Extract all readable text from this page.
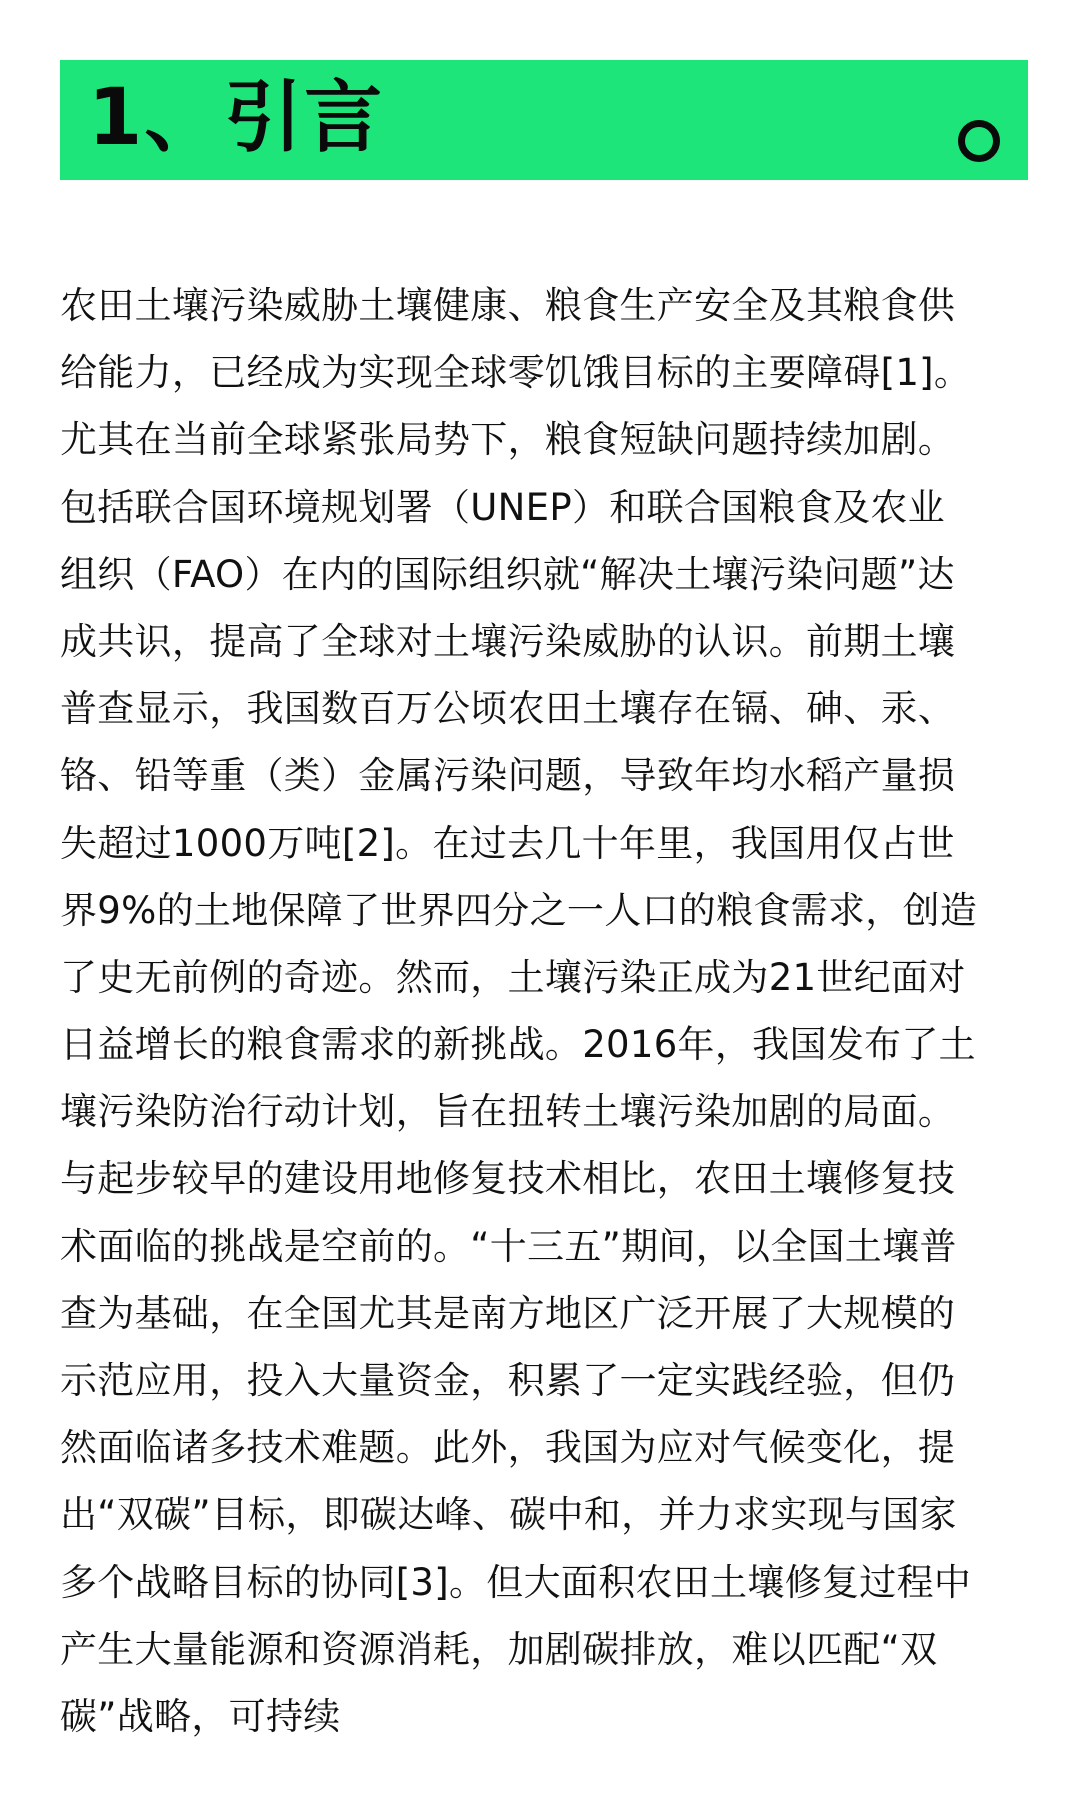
1、引言
农田土壤污染威胁土壤健康、粮食生产安全及其粮食供
给能力，已经成为实现全球零饥饿目标的主要障碍[1]。
尤其在当前全球紧张局势下，粮食短缺问题持续加剧。
包括联合国环境规划署（UNEP）和联合国粮食及农业
组织（FAO）在内的国际组织就“解决土壤污染问题”达
成共识，提高了全球对土壤污染威胁的认识。前期土壤
普查显示，我国数百万公顷农田土壤存在镉、砷、汞、
铬、铅等重（类）金属污染问题，导致年均水稻产量损
失超过1000万吨[2]。在过去几十年里，我国用仅占世
界9%的土地保障了世界四分之一人口的粮食需求，创造
了史无前例的奇迹。然而，土壤污染正成为21世纪面对
日益增长的粮食需求的新挑战。2016年，我国发布了土
壤污染防治行动计划，旨在扭转土壤污染加剧的局面。
与起步较早的建设用地修复技术相比，农田土壤修复技
术面临的挑战是空前的。“十三五”期间，以全国土壤普
查为基础，在全国尤其是南方地区广泛开展了大规模的
示范应用，投入大量资金，积累了一定实践经验，但仍
然面临诸多技术难题。此外，我国为应对气候变化，提
出“双碳”目标，即碳达峰、碳中和，并力求实现与国家
多个战略目标的协同[3]。但大面积农田土壤修复过程中
产生大量能源和资源消耗，加剧碳排放，难以匹配“双
碳”战略，可持续
